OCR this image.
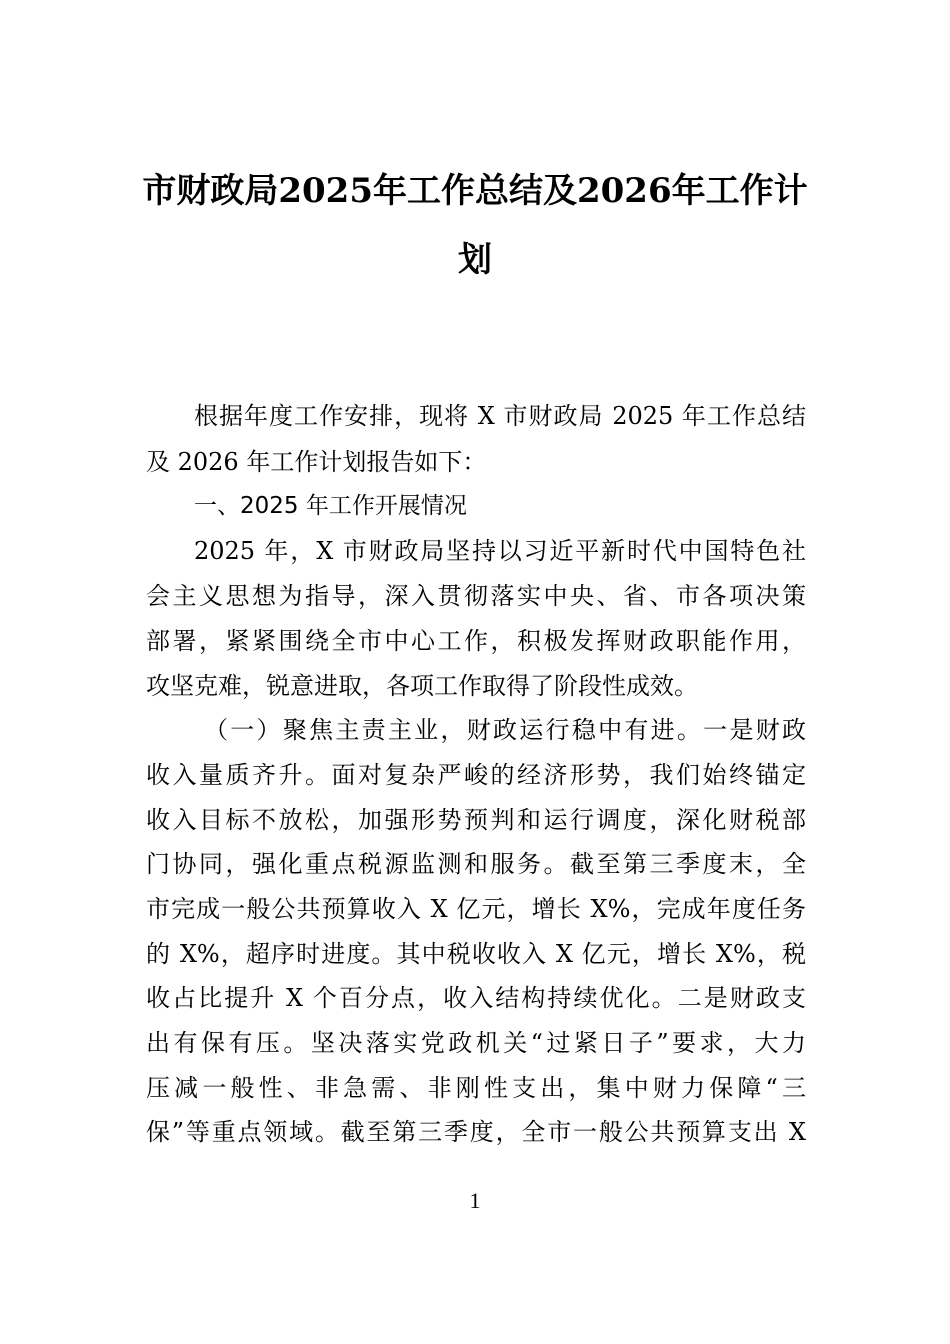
市财政局2025年工作总结及2026年工作计
划
根据年度工作安排，现将 X 市财政局 2025 年工作总结
及 2026 年工作计划报告如下：
一、2025 年工作开展情况
2025 年，X 市财政局坚持以习近平新时代中国特色社
会主义思想为指导，深入贯彻落实中央、省、市各项决策
部署，紧紧围绕全市中心工作，积极发挥财政职能作用，
攻坚克难，锐意进取，各项工作取得了阶段性成效。
（一）聚焦主责主业，财政运行稳中有进。一是财政
收入量质齐升。面对复杂严峻的经济形势，我们始终锚定
收入目标不放松，加强形势预判和运行调度，深化财税部
门协同，强化重点税源监测和服务。截至第三季度末，全
市完成一般公共预算收入 X 亿元，增长 X%，完成年度任务
的 X%，超序时进度。其中税收收入 X 亿元，增长 X%，税
收占比提升 X 个百分点，收入结构持续优化。二是财政支
出有保有压。坚决落实党政机关“过紧日子”要求，大力
压减一般性、非急需、非刚性支出，集中财力保障“三
保”等重点领域。截至第三季度，全市一般公共预算支出 X
1
